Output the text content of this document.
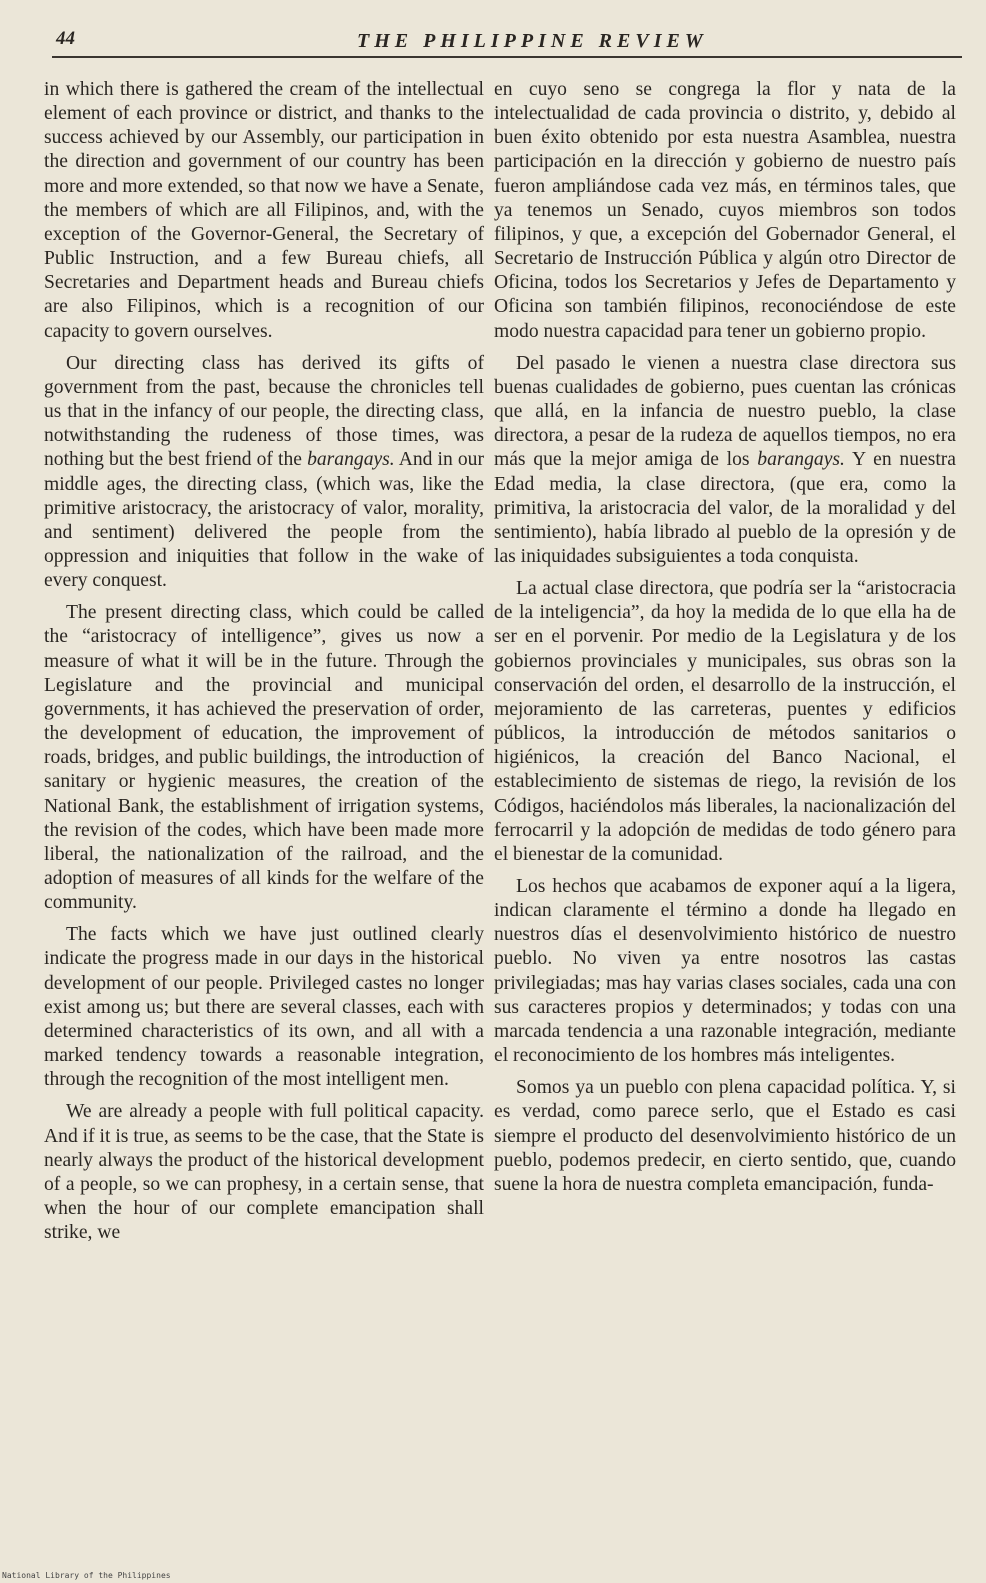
44	THE PHILIPPINE REVIEW

in which there is gathered the cream of the intellectual element of each province or district, and thanks to the success achieved by our Assembly, our participation in the direction and government of our country has been more and more extended, so that now we have a Senate, the members of which are all Filipinos, and, with the exception of the Governor-General, the Secretary of Public Instruction, and a few Bureau chiefs, all Secretaries and Department heads and Bureau chiefs are also Filipinos, which is a recognition of our capacity to govern ourselves.

Our directing class has derived its gifts of government from the past, because the chronicles tell us that in the infancy of our people, the directing class, notwithstanding the rudeness of those times, was nothing but the best friend of the barangays. And in our middle ages, the directing class, (which was, like the primitive aristocracy, the aristocracy of valor, morality, and sentiment) delivered the people from the oppression and iniquities that follow in the wake of every conquest.

The present directing class, which could be called the “aristocracy of intelligence”, gives us now a measure of what it will be in the future. Through the Legislature and the provincial and municipal governments, it has achieved the preservation of order, the development of education, the improvement of roads, bridges, and public buildings, the introduction of sanitary or hygienic measures, the creation of the National Bank, the establishment of irrigation systems, the revision of the codes, which have been made more liberal, the nationalization of the railroad, and the adoption of measures of all kinds for the welfare of the community.

The facts which we have just outlined clearly indicate the progress made in our days in the historical development of our people. Privileged castes no longer exist among us; but there are several classes, each with determined characteristics of its own, and all with a marked tendency towards a reasonable integration, through the recognition of the most intelligent men.

We are already a people with full political capacity. And if it is true, as seems to be the case, that the State is nearly always the product of the historical development of a people, so we can prophesy, in a certain sense, that when the hour of our complete emancipation shall strike, we

en cuyo seno se congrega la flor y nata de la intelectualidad de cada provincia o distrito, y, debido al buen éxito obtenido por esta nuestra Asamblea, nuestra participación en la dirección y gobierno de nuestro país fueron ampliándose cada vez más, en términos tales, que ya tenemos un Senado, cuyos miembros son todos filipinos, y que, a excepción del Gobernador General, el Secretario de Instrucción Pública y algún otro Director de Oficina, todos los Secretarios y Jefes de Departamento y Oficina son también filipinos, reconociéndose de este modo nuestra capacidad para tener un gobierno propio.

Del pasado le vienen a nuestra clase directora sus buenas cualidades de gobierno, pues cuentan las crónicas que allá, en la infancia de nuestro pueblo, la clase directora, a pesar de la rudeza de aquellos tiempos, no era más que la mejor amiga de los barangays. Y en nuestra Edad media, la clase directora, (que era, como la primitiva, la aristocracia del valor, de la moralidad y del sentimiento), había librado al pueblo de la opresión y de las iniquidades subsiguientes a toda conquista.

La actual clase directora, que podría ser la “aristocracia de la inteligencia”, da hoy la medida de lo que ella ha de ser en el porvenir. Por medio de la Legislatura y de los gobiernos provinciales y municipales, sus obras son la conservación del orden, el desarrollo de la instrucción, el mejoramiento de las carreteras, puentes y edificios públicos, la introducción de métodos sanitarios o higiénicos, la creación del Banco Nacional, el establecimiento de sistemas de riego, la revisión de los Códigos, haciéndolos más liberales, la nacionalización del ferrocarril y la adopción de medidas de todo género para el bienestar de la comunidad.

Los hechos que acabamos de exponer aquí a la ligera, indican claramente el término a donde ha llegado en nuestros días el desenvolvimiento histórico de nuestro pueblo. No viven ya entre nosotros las castas privilegiadas; mas hay varias clases sociales, cada una con sus caracteres propios y determinados; y todas con una marcada tendencia a una razonable integración, mediante el reconocimiento de los hombres más inteligentes.

Somos ya un pueblo con plena capacidad política. Y, si es verdad, como parece serlo, que el Estado es casi siempre el producto del desenvolvimiento histórico de un pueblo, podemos predecir, en cierto sentido, que, cuando suene la hora de nuestra completa emancipación, funda-

National Library of the Philippines
